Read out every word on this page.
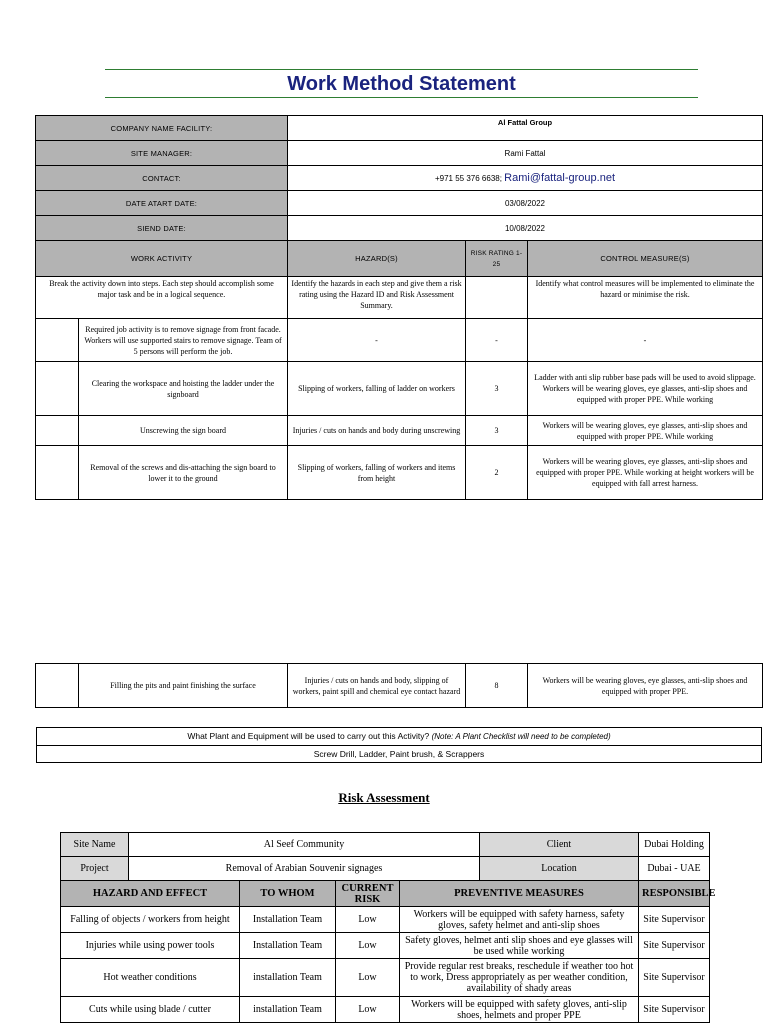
Work Method Statement
COMPANY NAME FACILITY:		Al Fattal Group		
SITE MANAGER:		Rami Fattal		
CONTACT:		+971 55 376 6638; Rami@fattal-group.net		
DATE ATART DATE:		03/08/2022		
SIEND DATE:		10/08/2022		
WORK ACTIVITY		HAZARD(S)	RISK RATING 1-25	CONTROL MEASURE(S)
Break the activity down into steps. Each step should accomplish some major task and be in a logical sequence.		Identify the hazards in each step and give them a risk rating using the Hazard ID and Risk Assessment Summary.		Identify what control measures will be implemented to eliminate the hazard or minimise the risk.
	Required job activity is to remove signage from front facade. Workers will use supported stairs to remove signage. Team of 5 persons will perform the job.	-	-	-
	Clearing the workspace and hoisting the ladder under the signboard	Slipping of workers, falling of ladder on workers	3	Ladder with anti slip rubber base pads will be used to avoid slippage. Workers will be wearing gloves, eye glasses, anti-slip shoes and equipped with proper PPE. While working
	Unscrewing the sign board	Injuries / cuts on hands and body during unscrewing	3	Workers will be wearing gloves, eye glasses, anti-slip shoes and equipped with proper PPE. While working
	Removal of the screws and dis-attaching the sign board to lower it to the ground	Slipping of workers, falling of workers and items from height	2	Workers will be wearing gloves, eye glasses, anti-slip shoes and equipped with proper PPE. While working at height workers will be equipped with fall arrest harness.
	Filling the pits and paint finishing the surface	Injuries / cuts on hands and body, slipping of workers, paint spill and chemical eye contact hazard	8	Workers will be wearing gloves, eye glasses, anti-slip shoes and equipped with proper PPE.
What Plant and Equipment will be used to carry out this Activity? (Note: A Plant Checklist will need to be completed)
Screw Drill, Ladder, Paint brush, & Scrappers
Risk Assessment
Site Name	Al Seef Community				Client	Dubai Holding
Project	Removal of Arabian Souvenir signages				Location	Dubai - UAE
HAZARD AND EFFECT		TO WHOM	CURRENT RISK	PREVENTIVE MEASURES		RESPONSIBLE
Falling of objects / workers from height		Installation Team	Low	Workers will be equipped with safety harness, safety gloves, safety helmet and anti-slip shoes		Site Supervisor
Injuries while using power tools		Installation Team	Low	Safety gloves, helmet anti slip shoes and eye glasses will be used while working		Site Supervisor
Hot weather conditions		installation Team	Low	Provide regular rest breaks, reschedule if weather too hot to work, Dress appropriately as per weather condition, availability of shady areas		Site Supervisor
Cuts while using blade / cutter		installation Team	Low	Workers will be equipped with safety gloves, anti-slip shoes, helmets and proper PPE		Site Supervisor
